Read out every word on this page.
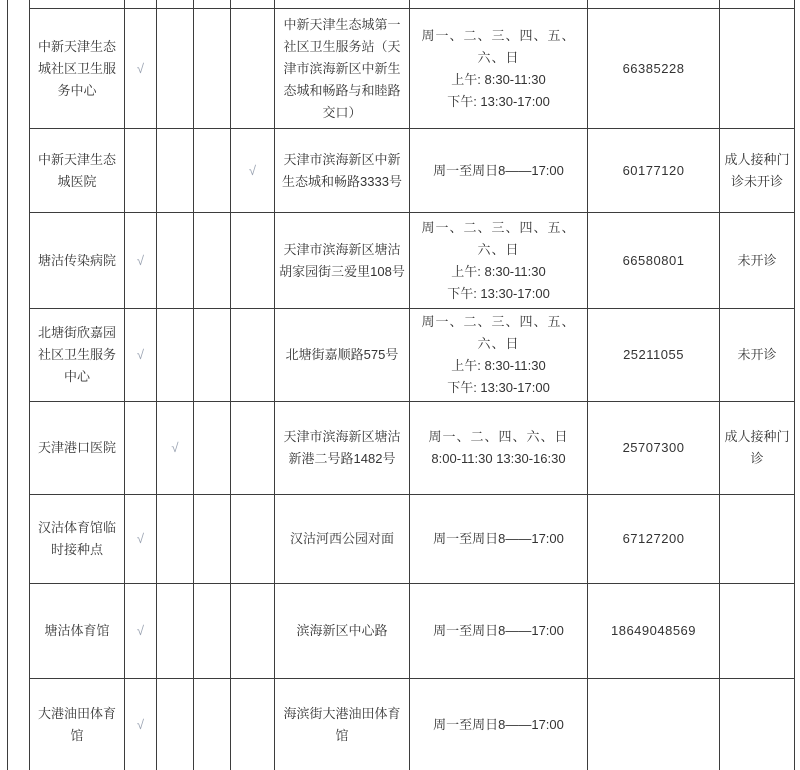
	中新天津生态城社区卫生服务中心	√				中新天津生态城第一社区卫生服务站（天津市滨海新区中新生态城和畅路与和睦路交口）	周一、二、三、四、五、六、日
上午: 8:30-11:30
下午: 13:30-17:00	66385228	
	中新天津生态城医院				√	天津市滨海新区中新生态城和畅路3333号	周一至周日8——17:00	60177120	成人接种门诊未开诊
	塘沽传染病院	√				天津市滨海新区塘沽胡家园街三爱里108号	周一、二、三、四、五、六、日
上午: 8:30-11:30
下午: 13:30-17:00	66580801	未开诊
	北塘街欣嘉园社区卫生服务中心	√				北塘街嘉顺路575号	周一、二、三、四、五、六、日
上午: 8:30-11:30
下午: 13:30-17:00	25211055	未开诊
	天津港口医院		√			天津市滨海新区塘沽新港二号路1482号	周一、二、四、六、日
8:00-11:30 13:30-16:30	25707300	成人接种门诊
	汉沽体育馆临时接种点	√				汉沽河西公园对面	周一至周日8——17:00	67127200	
	塘沽体育馆	√				滨海新区中心路	周一至周日8——17:00	18649048569	
	大港油田体育馆	√				海滨街大港油田体育馆	周一至周日8——17:00		
